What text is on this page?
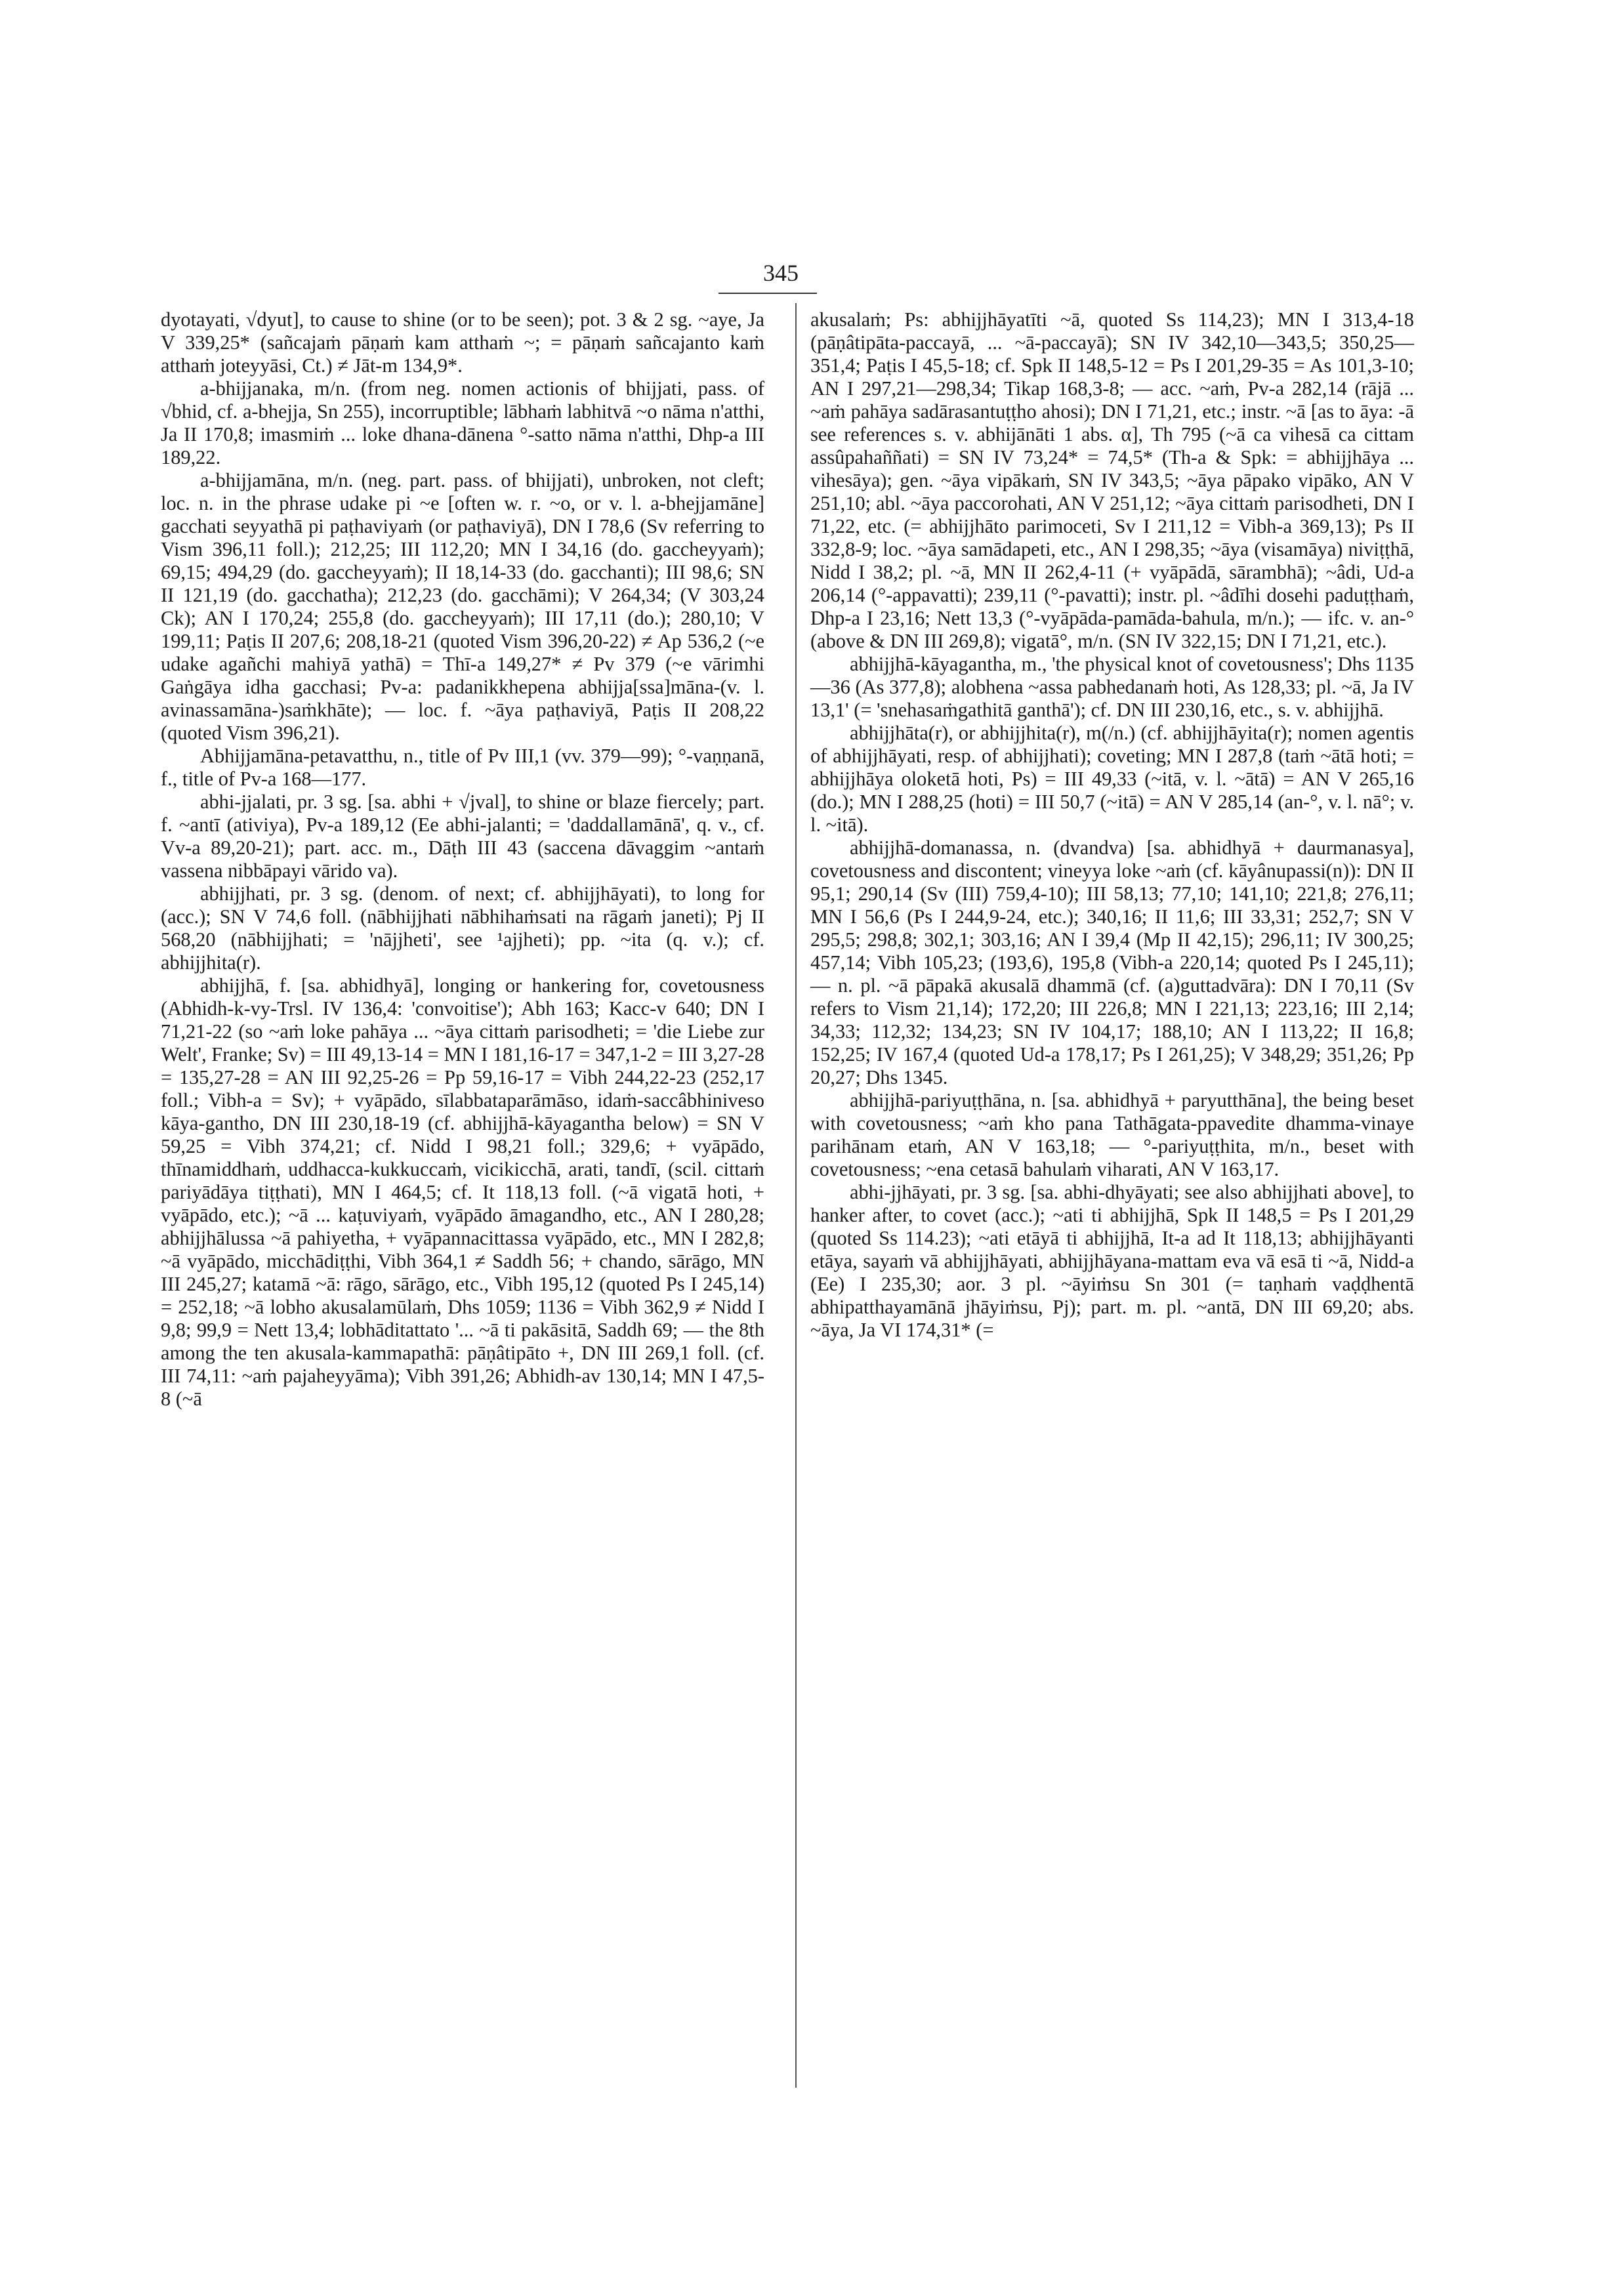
345

dyotayati, √dyut], to cause to shine (or to be seen); pot. 3 & 2 sg. ~aye, Ja V 339,25* (sañcajaṁ pāṇaṁ kam atthaṁ ~; = pāṇaṁ sañcajanto kaṁ atthaṁ joteyyāsi, Ct.) ≠ Jāt-m 134,9*.

a-bhijjanaka, m/n. (from neg. nomen actionis of bhijjati, pass. of √bhid, cf. a-bhejja, Sn 255), incorruptible; lābhaṁ labhitvā ~o nāma n'atthi, Ja II 170,8; imasmiṁ ... loke dhana-dānena °-satto nāma n'atthi, Dhp-a III 189,22.

a-bhijjamāna, m/n. (neg. part. pass. of bhijjati), unbroken, not cleft; loc. n. in the phrase udake pi ~e [often w. r. ~o, or v. l. a-bhejjamāne] gacchati seyyathā pi paṭhaviyaṁ (or paṭhaviyā), DN I 78,6 (Sv referring to Vism 396,11 foll.); 212,25; III 112,20; MN I 34,16 (do. gaccheyyaṁ); 69,15; 494,29 (do. gaccheyyaṁ); II 18,14-33 (do. gacchanti); III 98,6; SN II 121,19 (do. gacchatha); 212,23 (do. gacchāmi); V 264,34; (V 303,24 Ck); AN I 170,24; 255,8 (do. gaccheyyaṁ); III 17,11 (do.); 280,10; V 199,11; Paṭis II 207,6; 208,18-21 (quoted Vism 396,20-22) ≠ Ap 536,2 (~e udake agañchi mahiyā yathā) = Thī-a 149,27* ≠ Pv 379 (~e vārimhi Gaṅgāya idha gacchasi; Pv-a: padanikkhepena abhijja[ssa]māna-(v. l. avinassamāna-)saṁkhāte); — loc. f. ~āya paṭhaviyā, Paṭis II 208,22 (quoted Vism 396,21).

Abhijjamāna-petavatthu, n., title of Pv III,1 (vv. 379—99); °-vaṇṇanā, f., title of Pv-a 168—177.

abhi-jjalati, pr. 3 sg. [sa. abhi + √jval], to shine or blaze fiercely; part. f. ~antī (ativiya), Pv-a 189,12 (Ee abhi-jalanti; = 'daddallamānā', q. v., cf. Vv-a 89,20-21); part. acc. m., Dāṭh III 43 (saccena dāvaggim ~antaṁ vassena nibbāpayi vārido va).

abhijjhati, pr. 3 sg. (denom. of next; cf. abhijjhāyati), to long for (acc.); SN V 74,6 foll. (nābhijjhati nābhihaṁsati na rāgaṁ janeti); Pj II 568,20 (nābhijjhati; = 'nājjheti', see ¹ajjheti); pp. ~ita (q. v.); cf. abhijjhita(r).

abhijjhā, f. [sa. abhidhyā], longing or hankering for, covetousness (Abhidh-k-vy-Trsl. IV 136,4: 'convoitise'); Abh 163; Kacc-v 640; DN I 71,21-22 (so ~aṁ loke pahāya ... ~āya cittaṁ parisodheti; = 'die Liebe zur Welt', Franke; Sv) = III 49,13-14 = MN I 181,16-17 = 347,1-2 = III 3,27-28 = 135,27-28 = AN III 92,25-26 = Pp 59,16-17 = Vibh 244,22-23 (252,17 foll.; Vibh-a = Sv); + vyāpādo, sīlabbataparāmāso, idaṁ-saccâbhiniveso kāya-gantho, DN III 230,18-19 (cf. abhijjhā-kāyagantha below) = SN V 59,25 = Vibh 374,21; cf. Nidd I 98,21 foll.; 329,6; + vyāpādo, thīnamiddhaṁ, uddhacca-kukkuccaṁ, vicikicchā, arati, tandī, (scil. cittaṁ pariyādāya tiṭṭhati), MN I 464,5; cf. It 118,13 foll. (~ā vigatā hoti, + vyāpādo, etc.); ~ā ... kaṭuviyaṁ, vyāpādo āmagandho, etc., AN I 280,28; abhijjhālussa ~ā pahiyetha, + vyāpannacittassa vyāpādo, etc., MN I 282,8; ~ā vyāpādo, micchādiṭṭhi, Vibh 364,1 ≠ Saddh 56; + chando, sārāgo, MN III 245,27; katamā ~ā: rāgo, sārāgo, etc., Vibh 195,12 (quoted Ps I 245,14) = 252,18; ~ā lobho akusalamūlaṁ, Dhs 1059; 1136 = Vibh 362,9 ≠ Nidd I 9,8; 99,9 = Nett 13,4; lobhāditattato '... ~ā ti pakāsitā, Saddh 69; — the 8th among the ten akusala-kammapathā: pāṇâtipāto +, DN III 269,1 foll. (cf. III 74,11: ~aṁ pajaheyyāma); Vibh 391,26; Abhidh-av 130,14; MN I 47,5-8 (~ā

akusalaṁ; Ps: abhijjhāyatīti ~ā, quoted Ss 114,23); MN I 313,4-18 (pāṇâtipāta-paccayā, ... ~ā-paccayā); SN IV 342,10—343,5; 350,25—351,4; Paṭis I 45,5-18; cf. Spk II 148,5-12 = Ps I 201,29-35 = As 101,3-10; AN I 297,21—298,34; Tikap 168,3-8; — acc. ~aṁ, Pv-a 282,14 (rājā ... ~aṁ pahāya sadārasantuṭṭho ahosi); DN I 71,21, etc.; instr. ~ā [as to āya: -ā see references s. v. abhijānāti 1 abs. α], Th 795 (~ā ca vihesā ca cittam assûpahaññati) = SN IV 73,24* = 74,5* (Th-a & Spk: = abhijjhāya ... vihesāya); gen. ~āya vipākaṁ, SN IV 343,5; ~āya pāpako vipāko, AN V 251,10; abl. ~āya paccorohati, AN V 251,12; ~āya cittaṁ parisodheti, DN I 71,22, etc. (= abhijjhāto parimoceti, Sv I 211,12 = Vibh-a 369,13); Ps II 332,8-9; loc. ~āya samādapeti, etc., AN I 298,35; ~āya (visamāya) niviṭṭhā, Nidd I 38,2; pl. ~ā, MN II 262,4-11 (+ vyāpādā, sārambhā); ~âdi, Ud-a 206,14 (°-appavatti); 239,11 (°-pavatti); instr. pl. ~âdīhi dosehi paduṭṭhaṁ, Dhp-a I 23,16; Nett 13,3 (°-vyāpāda-pamāda-bahula, m/n.); — ifc. v. an-° (above & DN III 269,8); vigatā°, m/n. (SN IV 322,15; DN I 71,21, etc.).

abhijjhā-kāyagantha, m., 'the physical knot of covetousness'; Dhs 1135—36 (As 377,8); alobhena ~assa pabhedanaṁ hoti, As 128,33; pl. ~ā, Ja IV 13,1' (= 'snehasaṁgathitā ganthā'); cf. DN III 230,16, etc., s. v. abhijjhā.

abhijjhāta(r), or abhijjhita(r), m(/n.) (cf. abhijjhāyita(r); nomen agentis of abhijjhāyati, resp. of abhijjhati); coveting; MN I 287,8 (taṁ ~ātā hoti; = abhijjhāya oloketā hoti, Ps) = III 49,33 (~itā, v. l. ~ātā) = AN V 265,16 (do.); MN I 288,25 (hoti) = III 50,7 (~itā) = AN V 285,14 (an-°, v. l. nā°; v. l. ~itā).

abhijjhā-domanassa, n. (dvandva) [sa. abhidhyā + daurmanasya], covetousness and discontent; vineyya loke ~aṁ (cf. kāyânupassi(n)): DN II 95,1; 290,14 (Sv (III) 759,4-10); III 58,13; 77,10; 141,10; 221,8; 276,11; MN I 56,6 (Ps I 244,9-24, etc.); 340,16; II 11,6; III 33,31; 252,7; SN V 295,5; 298,8; 302,1; 303,16; AN I 39,4 (Mp II 42,15); 296,11; IV 300,25; 457,14; Vibh 105,23; (193,6), 195,8 (Vibh-a 220,14; quoted Ps I 245,11); — n. pl. ~ā pāpakā akusalā dhammā (cf. (a)guttadvāra): DN I 70,11 (Sv refers to Vism 21,14); 172,20; III 226,8; MN I 221,13; 223,16; III 2,14; 34,33; 112,32; 134,23; SN IV 104,17; 188,10; AN I 113,22; II 16,8; 152,25; IV 167,4 (quoted Ud-a 178,17; Ps I 261,25); V 348,29; 351,26; Pp 20,27; Dhs 1345.

abhijjhā-pariyuṭṭhāna, n. [sa. abhidhyā + paryutthāna], the being beset with covetousness; ~aṁ kho pana Tathāgata-ppavedite dhamma-vinaye parihānam etaṁ, AN V 163,18; — °-pariyuṭṭhita, m/n., beset with covetousness; ~ena cetasā bahulaṁ viharati, AN V 163,17.

abhi-jjhāyati, pr. 3 sg. [sa. abhi-dhyāyati; see also abhijjhati above], to hanker after, to covet (acc.); ~ati ti abhijjhā, Spk II 148,5 = Ps I 201,29 (quoted Ss 114.23); ~ati etāyā ti abhijjhā, It-a ad It 118,13; abhijjhāyanti etāya, sayaṁ vā abhijjhāyati, abhijjhāyana-mattam eva vā esā ti ~ā, Nidd-a (Ee) I 235,30; aor. 3 pl. ~āyiṁsu Sn 301 (= taṇhaṁ vaḍḍhentā abhipatthayamānā jhāyiṁsu, Pj); part. m. pl. ~antā, DN III 69,20; abs. ~āya, Ja VI 174,31* (=
